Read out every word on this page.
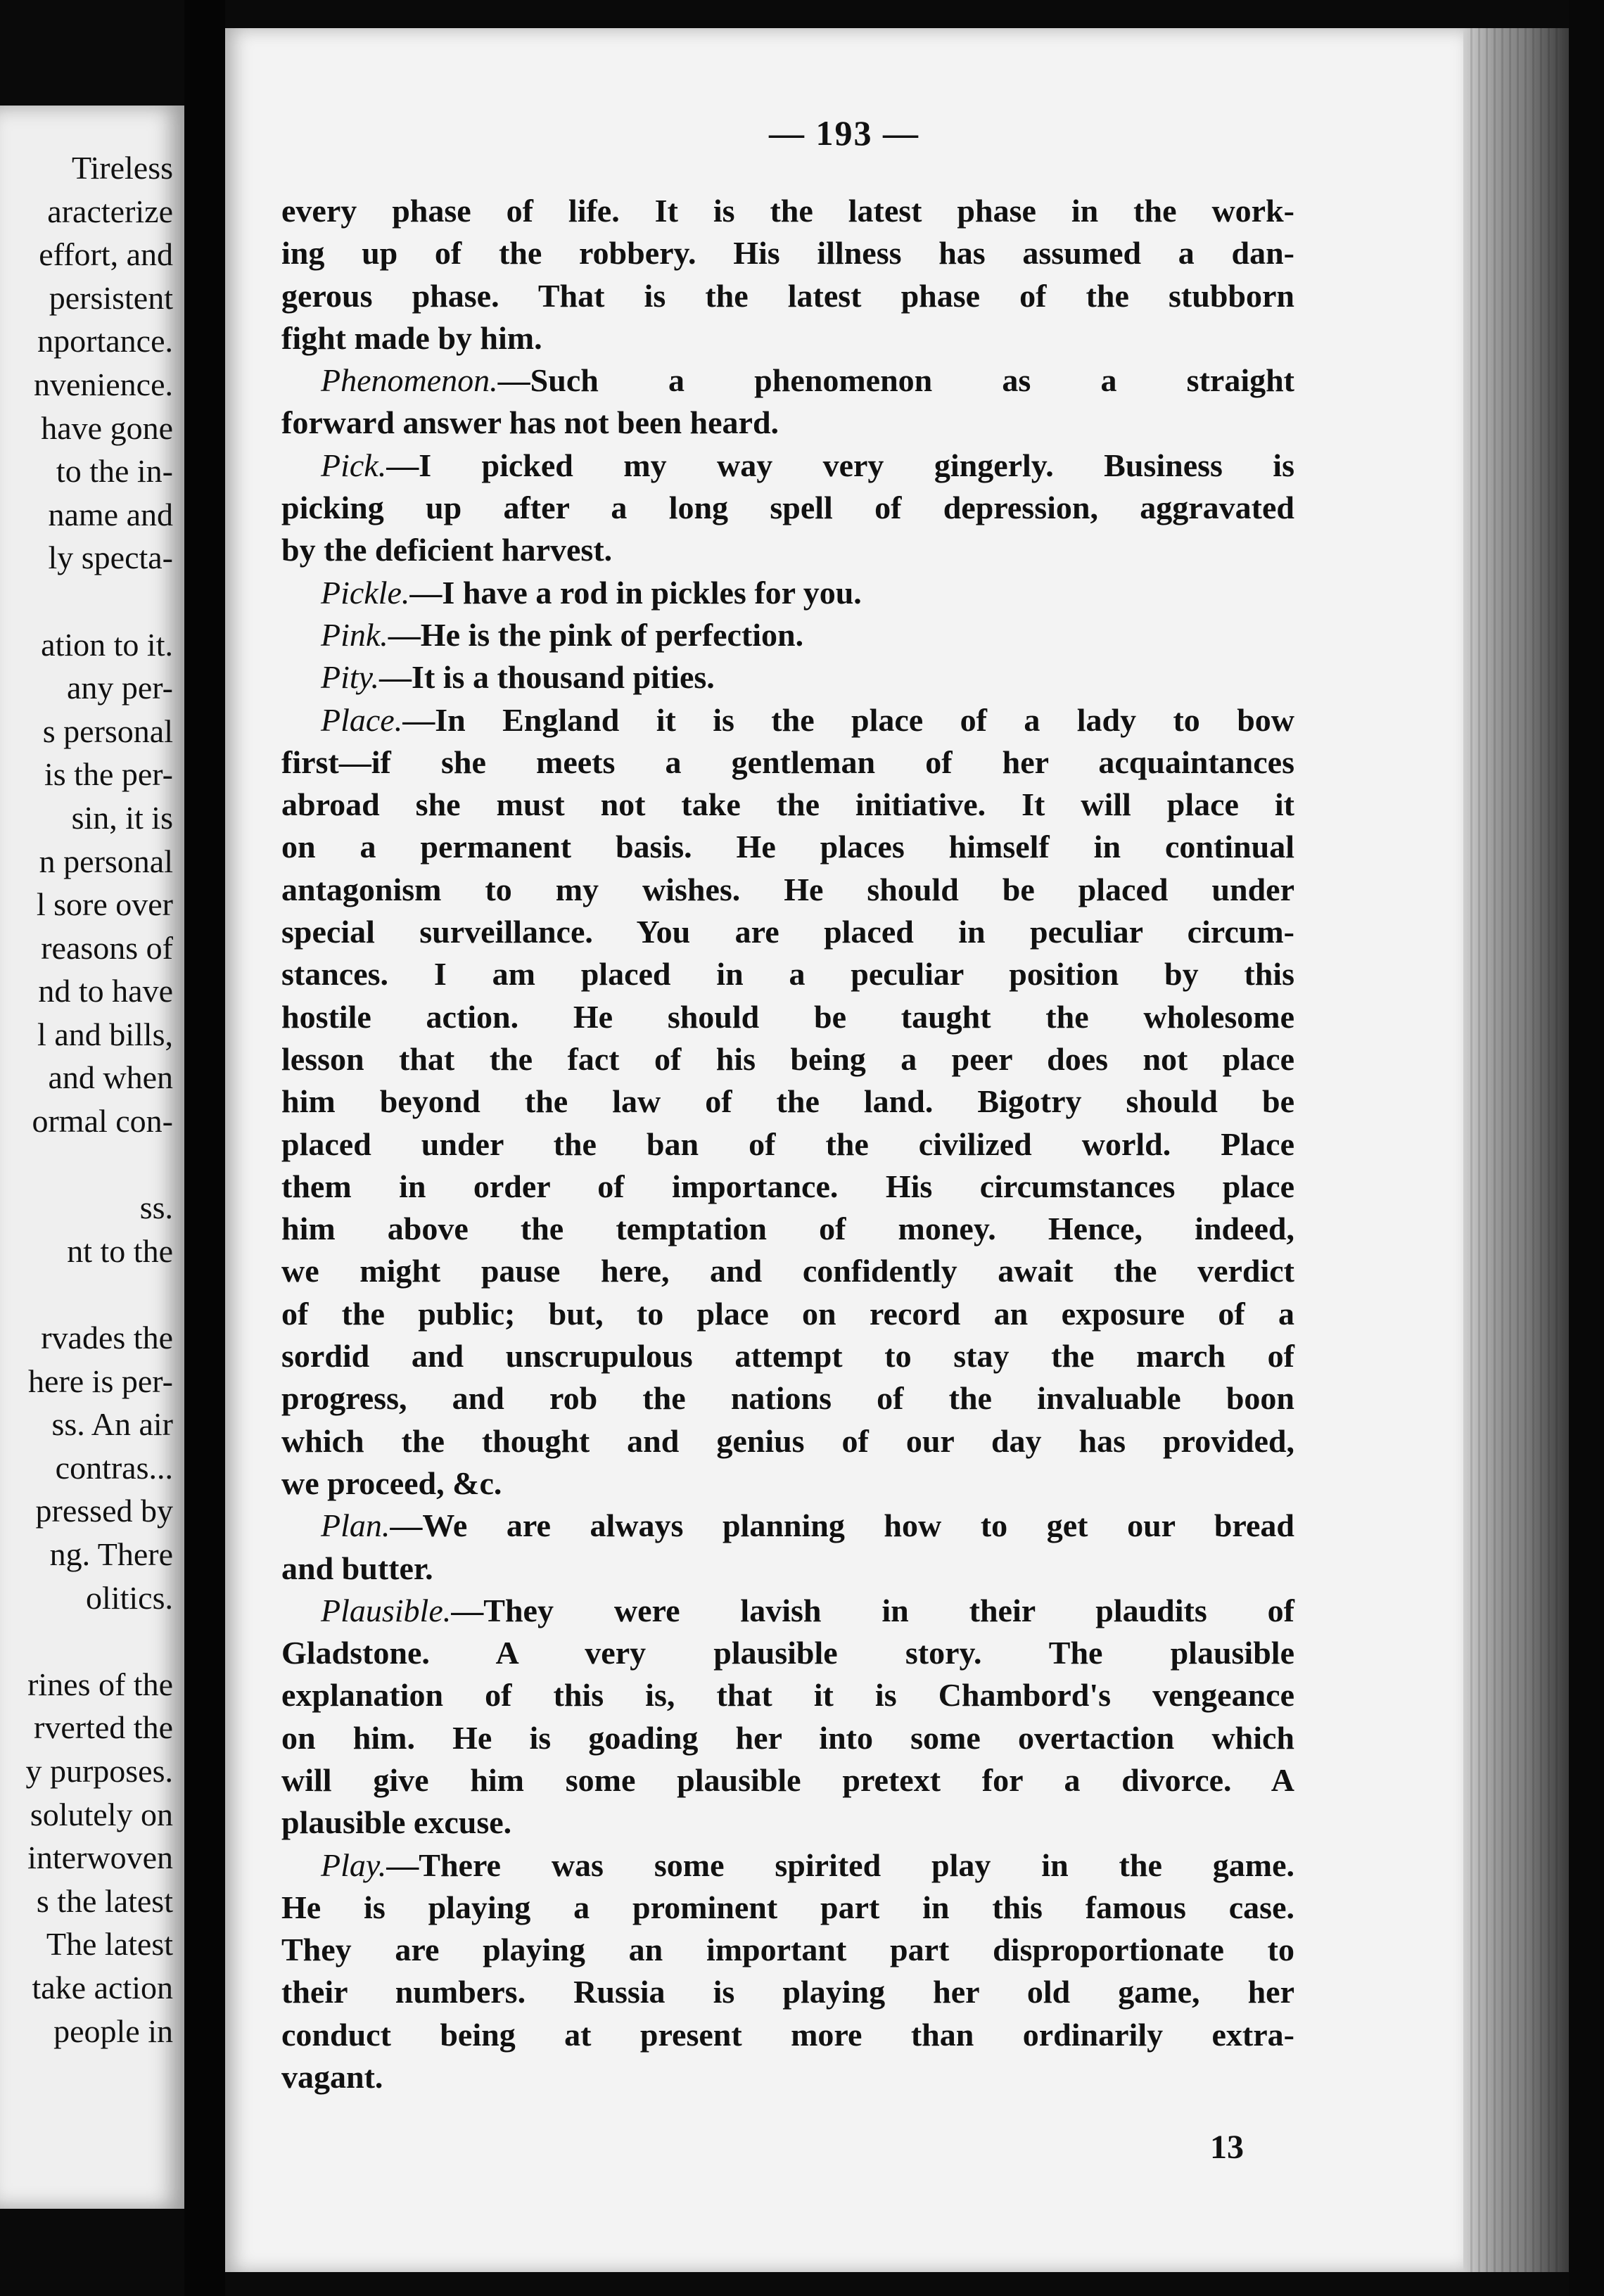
Tireless
aracterize
effort, and
persistent
nportance.
nvenience.
have gone
to the in-
name and
ly specta-
ation to it.
any per-
s personal
is the per-
sin, it is
n personal
l sore over
reasons of
nd to have
l and bills,
and when
ormal con-
ss.
nt to the
rvades the
here is per-
ss. An air
contras...
pressed by
ng. There
olitics.
rines of the
rverted the
y purposes.
solutely on
interwoven
s the latest
The latest
take action
people in
— 193 —
every phase of life. It is the latest phase in the work-
ing up of the robbery. His illness has assumed a dan-
gerous phase. That is the latest phase of the stubborn
fight made by him.
Phenomenon.—Such a phenomenon as a straight
forward answer has not been heard.
Pick.—I picked my way very gingerly. Business is
picking up after a long spell of depression, aggravated
by the deficient harvest.
Pickle.—I have a rod in pickles for you.
Pink.—He is the pink of perfection.
Pity.—It is a thousand pities.
Place.—In England it is the place of a lady to bow
first—if she meets a gentleman of her acquaintances
abroad she must not take the initiative. It will place it
on a permanent basis. He places himself in continual
antagonism to my wishes. He should be placed under
special surveillance. You are placed in peculiar circum-
stances. I am placed in a peculiar position by this
hostile action. He should be taught the wholesome
lesson that the fact of his being a peer does not place
him beyond the law of the land. Bigotry should be
placed under the ban of the civilized world. Place
them in order of importance. His circumstances place
him above the temptation of money. Hence, indeed,
we might pause here, and confidently await the verdict
of the public; but, to place on record an exposure of a
sordid and unscrupulous attempt to stay the march of
progress, and rob the nations of the invaluable boon
which the thought and genius of our day has provided,
we proceed, &c.
Plan.—We are always planning how to get our bread
and butter.
Plausible.—They were lavish in their plaudits of
Gladstone. A very plausible story. The plausible
explanation of this is, that it is Chambord's vengeance
on him. He is goading her into some overtaction which
will give him some plausible pretext for a divorce. A
plausible excuse.
Play.—There was some spirited play in the game.
He is playing a prominent part in this famous case.
They are playing an important part disproportionate to
their numbers. Russia is playing her old game, her
conduct being at present more than ordinarily extra-
vagant.
13
